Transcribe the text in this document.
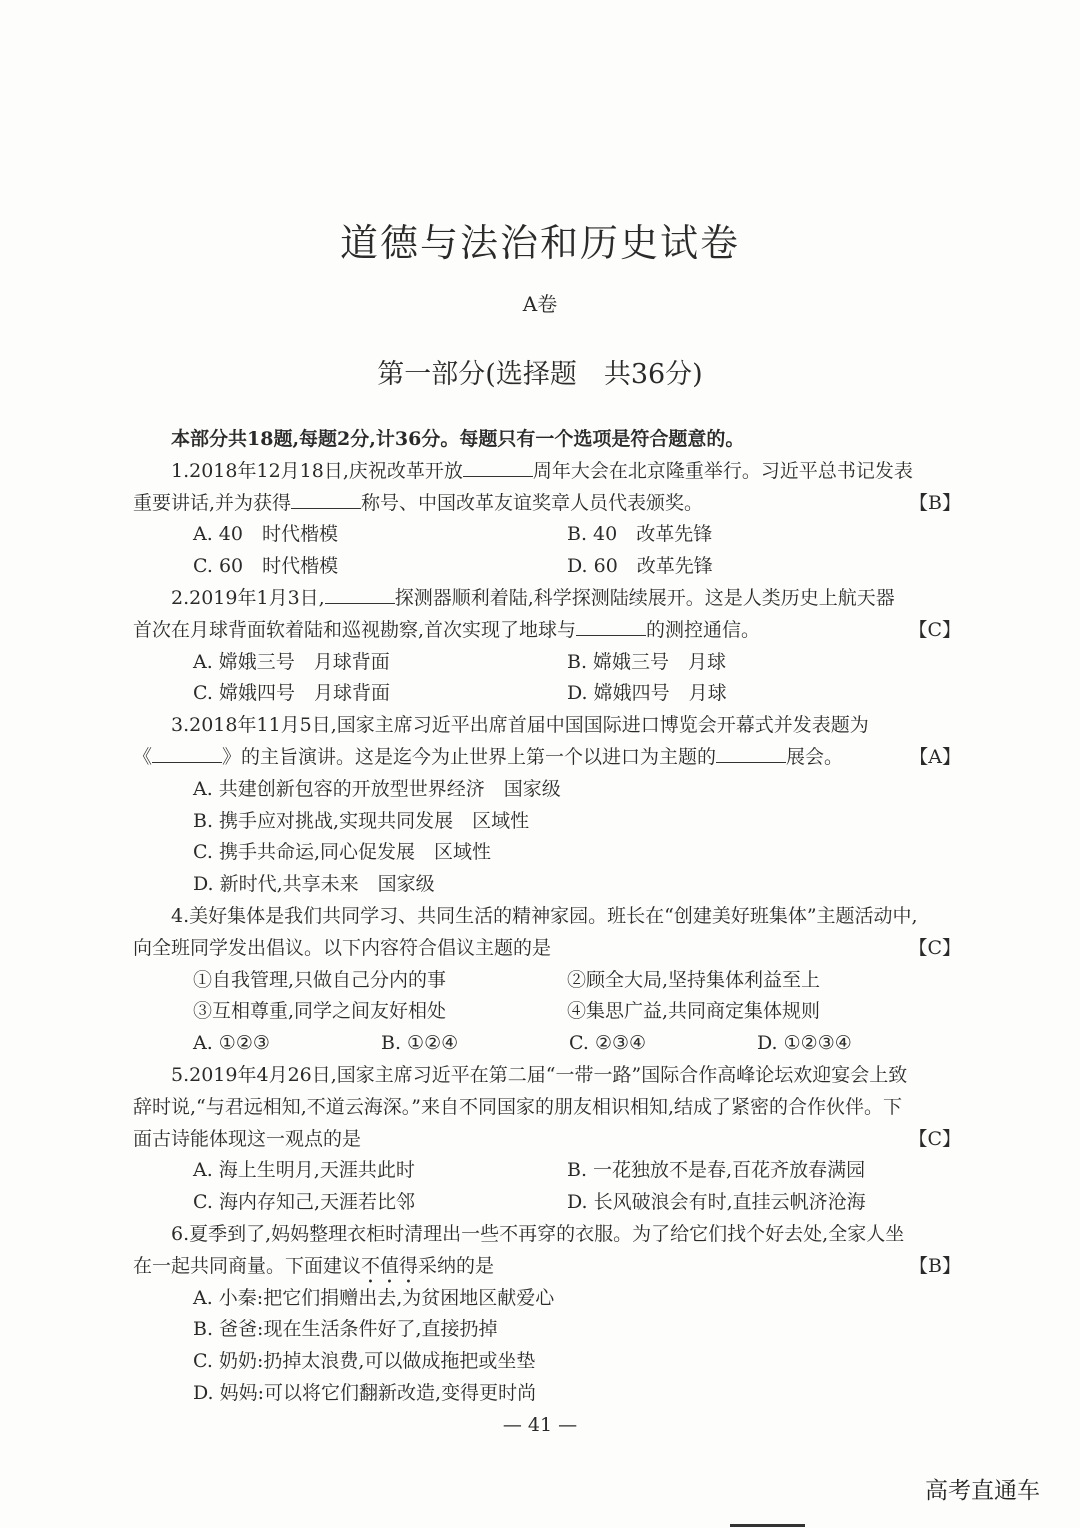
道德与法治和历史试卷
A卷
第一部分(选择题　共36分)
本部分共18题,每题2分,计36分。每题只有一个选项是符合题意的。
1.2018年12月18日,庆祝改革开放	周年大会在北京隆重举行。习近平总书记发表
重要讲话,并为获得	称号、中国改革友谊奖章人员代表颁奖。	【B】
A. 40　时代楷模	B. 40　改革先锋
C. 60　时代楷模	D. 60　改革先锋
2.2019年1月3日,	探测器顺利着陆,科学探测陆续展开。这是人类历史上航天器
首次在月球背面软着陆和巡视勘察,首次实现了地球与	的测控通信。	【C】
A. 嫦娥三号　月球背面	B. 嫦娥三号　月球
C. 嫦娥四号　月球背面	D. 嫦娥四号　月球
3.2018年11月5日,国家主席习近平出席首届中国国际进口博览会开幕式并发表题为
《	》的主旨演讲。这是迄今为止世界上第一个以进口为主题的	展会。	【A】
A. 共建创新包容的开放型世界经济　国家级
B. 携手应对挑战,实现共同发展　区域性
C. 携手共命运,同心促发展　区域性
D. 新时代,共享未来　国家级
4.美好集体是我们共同学习、共同生活的精神家园。班长在“创建美好班集体”主题活动中,
向全班同学发出倡议。以下内容符合倡议主题的是	【C】
①自我管理,只做自己分内的事	②顾全大局,坚持集体利益至上
③互相尊重,同学之间友好相处	④集思广益,共同商定集体规则
A. ①②③	B. ①②④	C. ②③④	D. ①②③④
5.2019年4月26日,国家主席习近平在第二届“一带一路”国际合作高峰论坛欢迎宴会上致
辞时说,“与君远相知,不道云海深。”来自不同国家的朋友相识相知,结成了紧密的合作伙伴。下
面古诗能体现这一观点的是	【C】
A. 海上生明月,天涯共此时	B. 一花独放不是春,百花齐放春满园
C. 海内存知己,天涯若比邻	D. 长风破浪会有时,直挂云帆济沧海
6.夏季到了,妈妈整理衣柜时清理出一些不再穿的衣服。为了给它们找个好去处,全家人坐
在一起共同商量。下面建议不值得采纳的是	【B】
A. 小秦:把它们捐赠出去,为贫困地区献爱心
B. 爸爸:现在生活条件好了,直接扔掉
C. 奶奶:扔掉太浪费,可以做成拖把或坐垫
D. 妈妈:可以将它们翻新改造,变得更时尚
— 41 —
高考直通车
